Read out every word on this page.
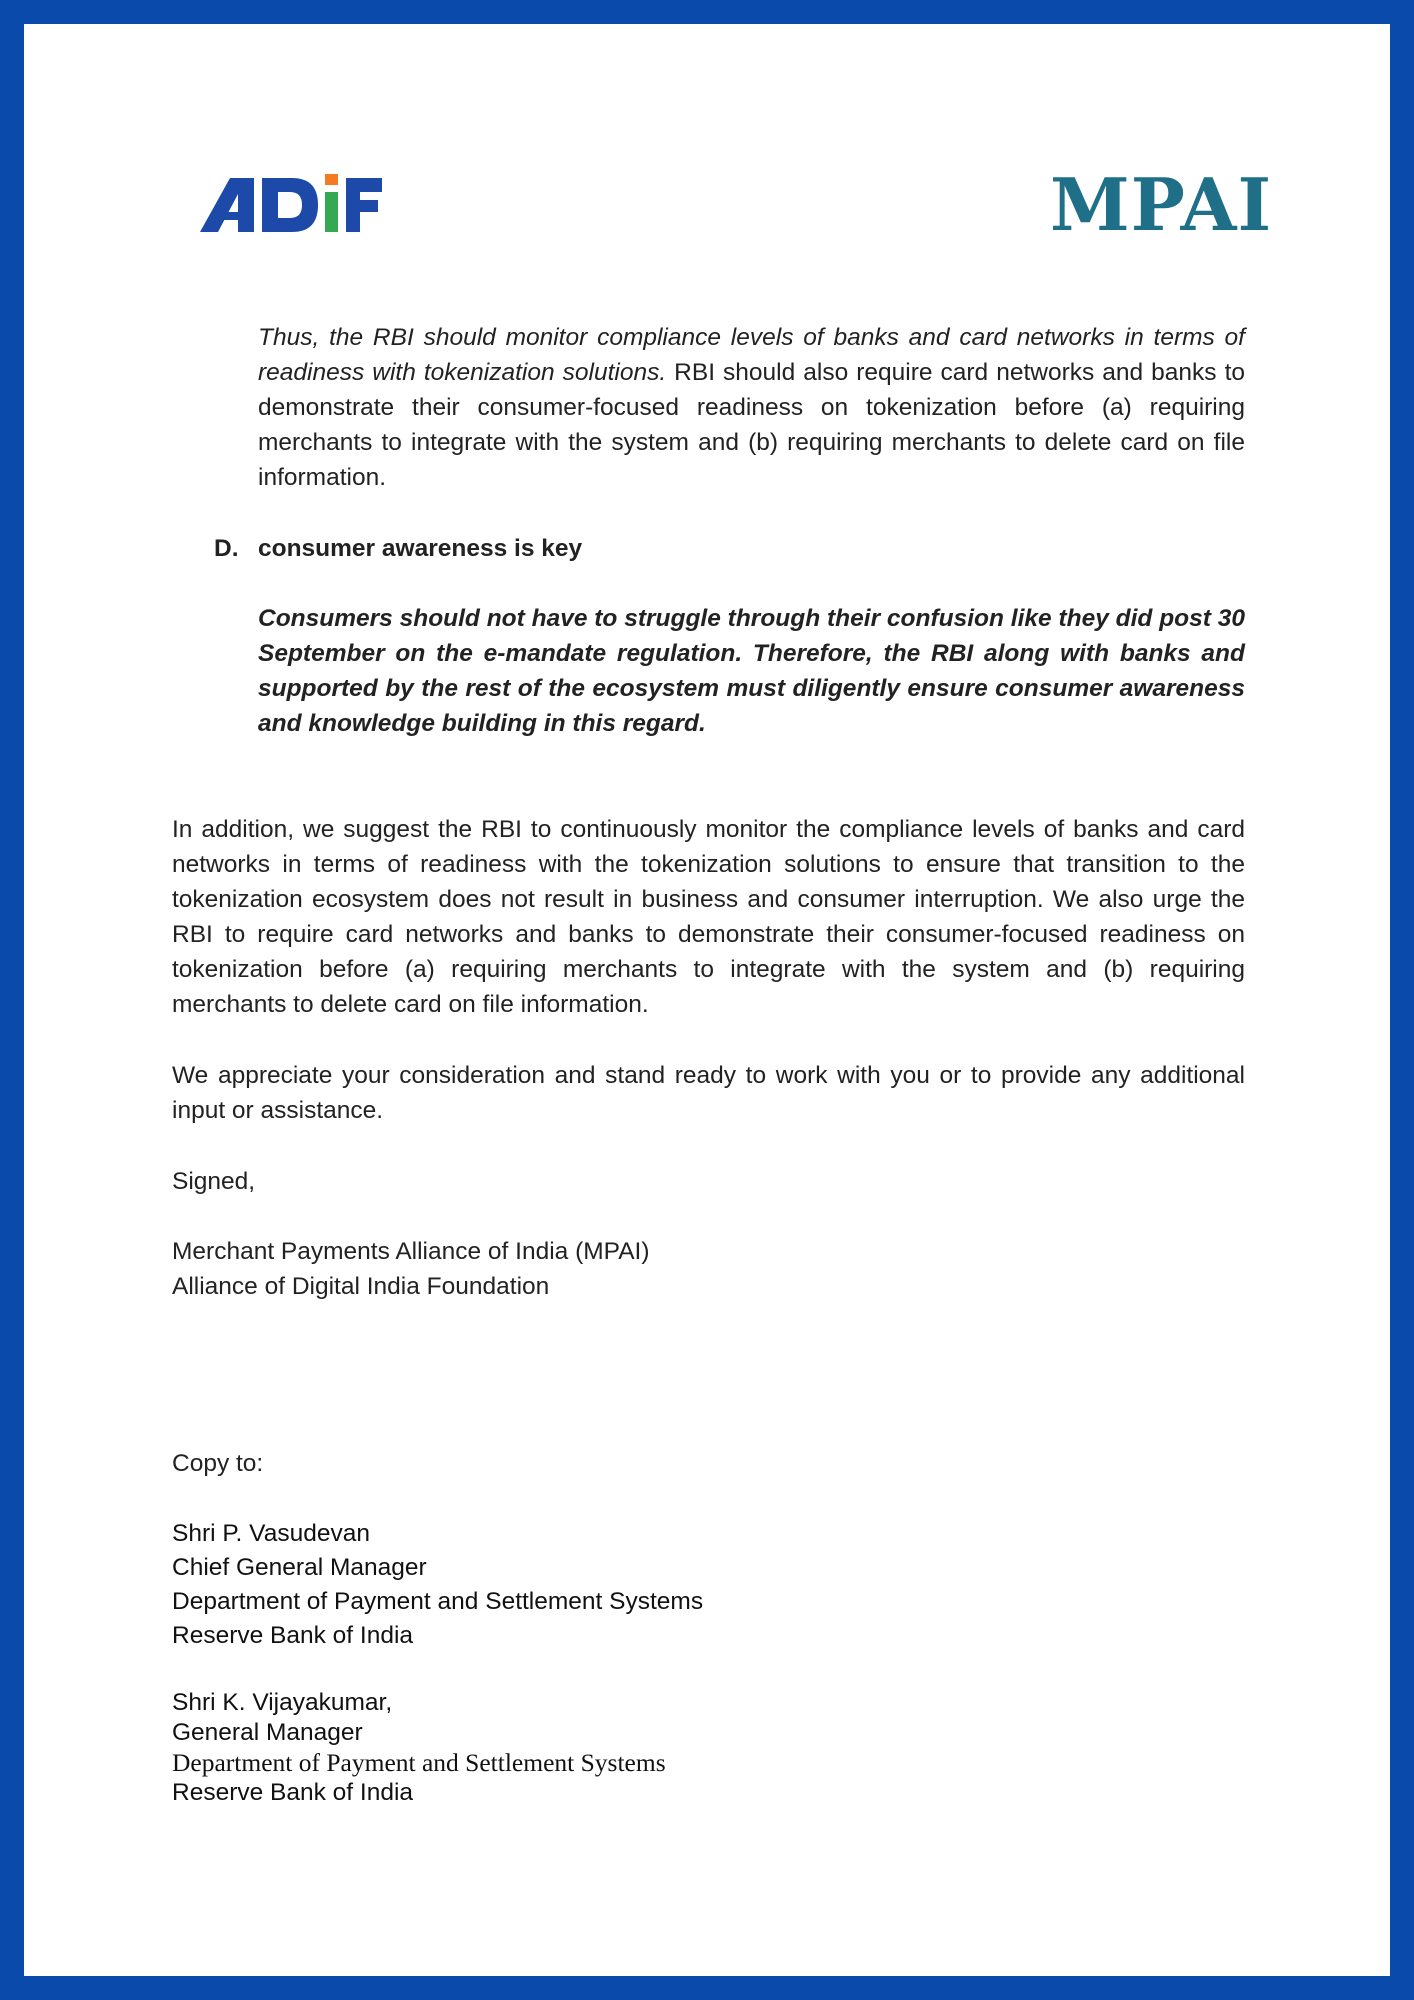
MPAI
Thus, the RBI should monitor compliance levels of banks and card networks in terms of readiness with tokenization solutions. RBI should also require card networks and banks to demonstrate their consumer-focused readiness on tokenization before (a) requiring merchants to integrate with the system and (b) requiring merchants to delete card on file information.
D. consumer awareness is key
Consumers should not have to struggle through their confusion like they did post 30 September on the e-mandate regulation. Therefore, the RBI along with banks and supported by the rest of the ecosystem must diligently ensure consumer awareness and knowledge building in this regard.
In addition, we suggest the RBI to continuously monitor the compliance levels of banks and card networks in terms of readiness with the tokenization solutions to ensure that transition to the tokenization ecosystem does not result in business and consumer interruption. We also urge the RBI to require card networks and banks to demonstrate their consumer-focused readiness on tokenization before (a) requiring merchants to integrate with the system and (b) requiring merchants to delete card on file information.
We appreciate your consideration and stand ready to work with you or to provide any additional input or assistance.
Signed,
Merchant Payments Alliance of India (MPAI)
Alliance of Digital India Foundation
Copy to:
Shri P. Vasudevan
Chief General Manager
Department of Payment and Settlement Systems
Reserve Bank of India
Shri K. Vijayakumar,
General Manager
Department of Payment and Settlement Systems
Reserve Bank of India
